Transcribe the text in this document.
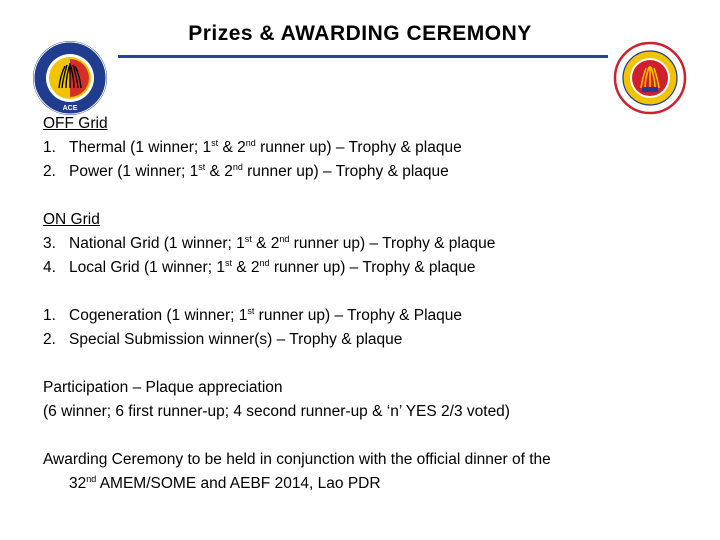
Prizes & AWARDING CEREMONY
ACE
OFF Grid
1. Thermal (1 winner; 1st & 2nd runner up) – Trophy & plaque
2. Power (1 winner; 1st & 2nd runner up) – Trophy & plaque
ON Grid
3. National Grid (1 winner; 1st & 2nd runner up) – Trophy & plaque
4. Local Grid (1 winner; 1st & 2nd runner up) – Trophy & plaque
1. Cogeneration (1 winner; 1st runner up) – Trophy & Plaque
2. Special Submission winner(s) – Trophy & plaque
Participation – Plaque appreciation
(6 winner; 6 first runner-up; 4 second runner-up & ‘n’ YES 2/3 voted)
Awarding Ceremony to be held in conjunction with the official dinner of the
32nd AMEM/SOME and AEBF 2014, Lao PDR
